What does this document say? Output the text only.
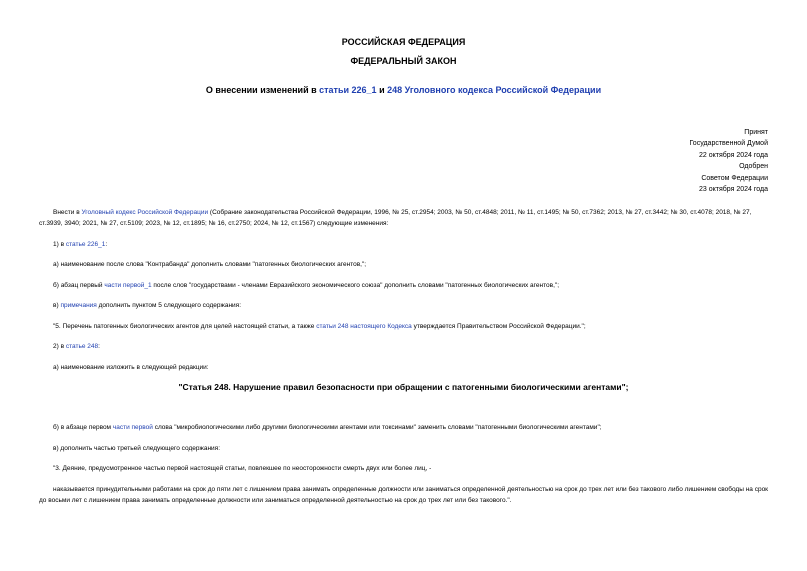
РОССИЙСКАЯ ФЕДЕРАЦИЯ
ФЕДЕРАЛЬНЫЙ ЗАКОН
О внесении изменений в статьи 226_1 и 248 Уголовного кодекса Российской Федерации
Принят
Государственной Думой
22 октября 2024 года
Одобрен
Советом Федерации
23 октября 2024 года
Внести в Уголовный кодекс Российской Федерации (Собрание законодательства Российской Федерации, 1996, № 25, ст.2954; 2003, № 50, ст.4848; 2011, № 11, ст.1495; № 50, ст.7362; 2013, № 27, ст.3442; № 30, ст.4078; 2018, № 27, ст.3939, 3940; 2021, № 27, ст.5109; 2023, № 12, ст.1895; № 16, ст.2750; 2024, № 12, ст.1567) следующие изменения:
1) в статье 226_1:
а) наименование после слова "Контрабанда" дополнить словами "патогенных биологических агентов,";
б) абзац первый части первой_1 после слов "государствами - членами Евразийского экономического союза" дополнить словами "патогенных биологических агентов,";
в) примечания дополнить пунктом 5 следующего содержания:
"5. Перечень патогенных биологических агентов для целей настоящей статьи, а также статьи 248 настоящего Кодекса утверждается Правительством Российской Федерации.";
2) в статье 248:
а) наименование изложить в следующей редакции:
"Статья 248. Нарушение правил безопасности при обращении с патогенными биологическими агентами";
б) в абзаце первом части первой слова "микробиологическими либо другими биологическими агентами или токсинами" заменить словами "патогенными биологическими агентами";
в) дополнить частью третьей следующего содержания:
"3. Деяние, предусмотренное частью первой настоящей статьи, повлекшее по неосторожности смерть двух или более лиц, -
наказывается принудительными работами на срок до пяти лет с лишением права занимать определенные должности или заниматься определенной деятельностью на срок до трех лет или без такового либо лишением свободы на срок до восьми лет с лишением права занимать определенные должности или заниматься определенной деятельностью на срок до трех лет или без такового.".
